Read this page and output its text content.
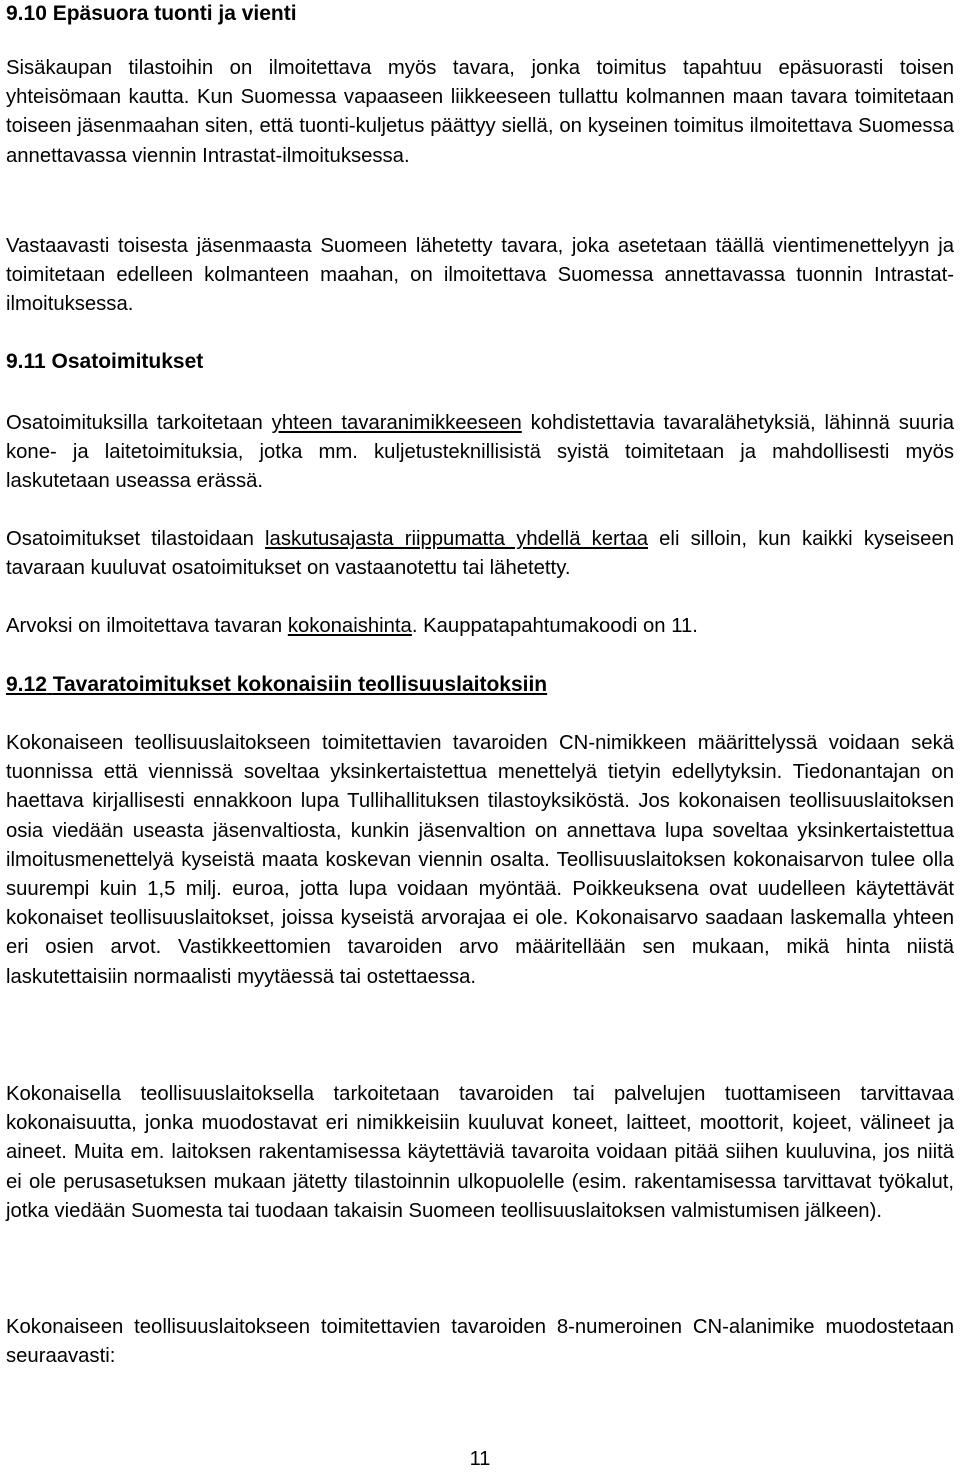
9.10 Epäsuora tuonti ja vienti

Sisäkaupan tilastoihin on ilmoitettava myös tavara, jonka toimitus tapahtuu epäsuorasti toisen yhteisömaan kautta. Kun Suomessa vapaaseen liikkeeseen tullattu kolmannen maan tavara toimitetaan toiseen jäsenmaahan siten, että tuonti-kuljetus päättyy siellä, on kyseinen toimitus ilmoitettava Suomessa annettavassa viennin Intrastat-ilmoituksessa.

Vastaavasti toisesta jäsenmaasta Suomeen lähetetty tavara, joka asetetaan täällä vientimenettelyyn ja toimitetaan edelleen kolmanteen maahan, on ilmoitettava Suomessa annettavassa tuonnin Intrastat-ilmoituksessa.

9.11 Osatoimitukset

Osatoimituksilla tarkoitetaan yhteen tavaranimikkeeseen kohdistettavia tavaralähetyksiä, lähinnä suuria kone- ja laitetoimituksia, jotka mm. kuljetusteknillisistä syistä toimitetaan ja mahdollisesti myös laskutetaan useassa erässä.

Osatoimitukset tilastoidaan laskutusajasta riippumatta yhdellä kertaa eli silloin, kun kaikki kyseiseen tavaraan kuuluvat osatoimitukset on vastaanotettu tai lähetetty.

Arvoksi on ilmoitettava tavaran kokonaishinta. Kauppatapahtumakoodi on 11.

9.12 Tavaratoimitukset kokonaisiin teollisuuslaitoksiin

Kokonaiseen teollisuuslaitokseen toimitettavien tavaroiden CN-nimikkeen määrittelyssä voidaan sekä tuonnissa että viennissä soveltaa yksinkertaistettua menettelyä tietyin edellytyksin. Tiedonantajan on haettava kirjallisesti ennakkoon lupa Tullihallituksen tilastoyksiköstä. Jos kokonaisen teollisuuslaitoksen osia viedään useasta jäsenvaltiosta, kunkin jäsenvaltion on annettava lupa soveltaa yksinkertaistettua ilmoitusmenettelyä kyseistä maata koskevan viennin osalta. Teollisuuslaitoksen kokonaisarvon tulee olla suurempi kuin 1,5 milj. euroa, jotta lupa voidaan myöntää. Poikkeuksena ovat uudelleen käytettävät kokonaiset teollisuuslaitokset, joissa kyseistä arvorajaa ei ole. Kokonaisarvo saadaan laskemalla yhteen eri osien arvot. Vastikkeettomien tavaroiden arvo määritellään sen mukaan, mikä hinta niistä laskutettaisiin normaalisti myytäessä tai ostettaessa.

Kokonaisella teollisuuslaitoksella tarkoitetaan tavaroiden tai palvelujen tuottamiseen tarvittavaa kokonaisuutta, jonka muodostavat eri nimikkeisiin kuuluvat koneet, laitteet, moottorit, kojeet, välineet ja aineet. Muita em. laitoksen rakentamisessa käytettäviä tavaroita voidaan pitää siihen kuuluvina, jos niitä ei ole perusasetuksen mukaan jätetty tilastoinnin ulkopuolelle (esim. rakentamisessa tarvittavat työkalut, jotka viedään Suomesta tai tuodaan takaisin Suomeen teollisuuslaitoksen valmistumisen jälkeen).

Kokonaiseen teollisuuslaitokseen toimitettavien tavaroiden 8-numeroinen CN-alanimike muodostetaan seuraavasti:

11
